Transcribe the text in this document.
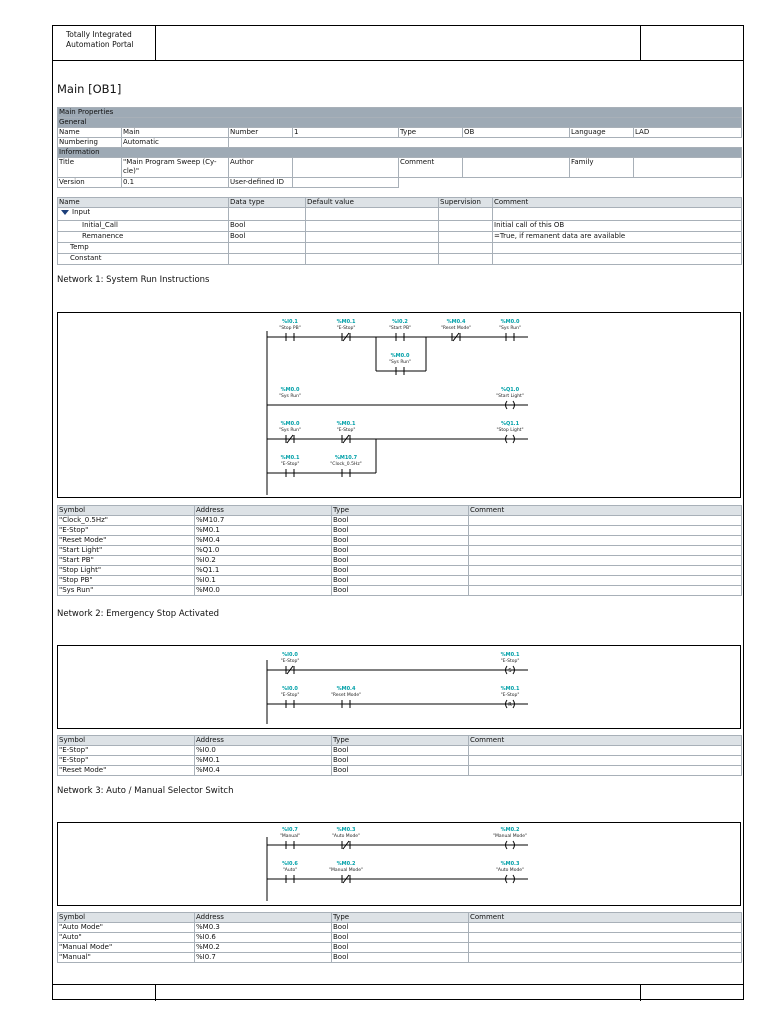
Totally Integrated
Automation Portal
Main [OB1]
Main Properties							
General							
Name	Main	Number	1	Type	OB	Language	LAD
Numbering	Automatic						
Information							
Title	"Main Program Sweep (Cy-
cle)"	Author		Comment		Family	
Version	0.1	User-defined ID					
Name	Data type	Default value	Supervision	Comment
Input				
Initial_Call	Bool			Initial call of this OB
Remanence	Bool			=True, if remanent data are available
Temp				
Constant				
Network 1: System Run Instructions
%I0.1
"Stop PB"
%M0.1
"E-Stop"
%I0.2
"Start PB"
%M0.4
"Reset Mode"
%M0.0
"Sys Run"
%M0.0
"Sys Run"
%Q1.0
"Start Light"
%M0.0
"Sys Run"
%M0.0
"Sys Run"
%M0.1
"E-Stop"
%Q1.1
"Stop Light"
%M0.1
"E-Stop"
%M10.7
"Clock_0.5Hz"
Symbol	Address	Type	Comment
"Clock_0.5Hz"	%M10.7	Bool	
"E-Stop"	%M0.1	Bool	
"Reset Mode"	%M0.4	Bool	
"Start Light"	%Q1.0	Bool	
"Start PB"	%I0.2	Bool	
"Stop Light"	%Q1.1	Bool	
"Stop PB"	%I0.1	Bool	
"Sys Run"	%M0.0	Bool	
Network 2: Emergency Stop Activated
%I0.0
"E-Stop"
%M0.1
"E-Stop"
S
%I0.0
"E-Stop"
%M0.4
"Reset Mode"
%M0.1
"E-Stop"
R
Symbol	Address	Type	Comment
"E-Stop"	%I0.0	Bool	
"E-Stop"	%M0.1	Bool	
"Reset Mode"	%M0.4	Bool	
Network 3: Auto / Manual Selector Switch
%I0.7
"Manual"
%M0.3
"Auto Mode"
%M0.2
"Manual Mode"
%I0.6
"Auto"
%M0.2
"Manual Mode"
%M0.3
"Auto Mode"
Symbol	Address	Type	Comment
"Auto Mode"	%M0.3	Bool	
"Auto"	%I0.6	Bool	
"Manual Mode"	%M0.2	Bool	
"Manual"	%I0.7	Bool	
